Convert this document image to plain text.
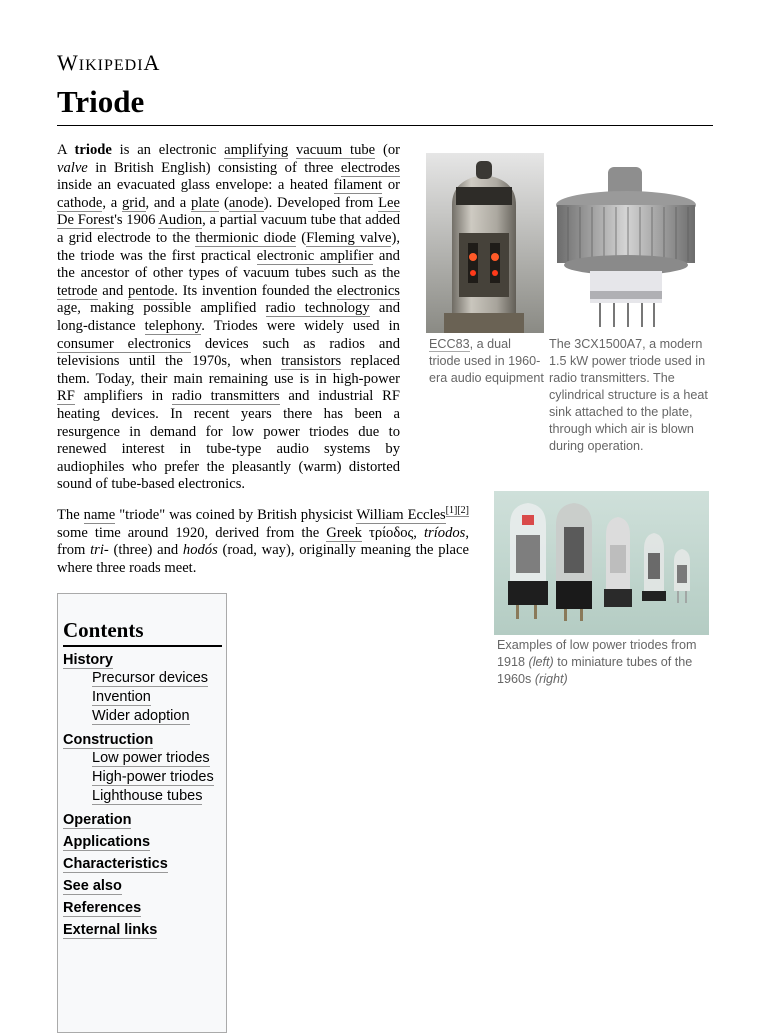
WIKIPEDIA
Triode
A triode is an electronic amplifying vacuum tube (or valve in British English) consisting of three electrodes inside an evacuated glass envelope: a heated filament or cathode, a grid, and a plate (anode). Developed from Lee De Forest's 1906 Audion, a partial vacuum tube that added a grid electrode to the thermionic diode (Fleming valve), the triode was the first practical electronic amplifier and the ancestor of other types of vacuum tubes such as the tetrode and pentode. Its invention founded the electronics age, making possible amplified radio technology and long-distance telephony. Triodes were widely used in consumer electronics devices such as radios and televisions until the 1970s, when transistors replaced them. Today, their main remaining use is in high-power RF amplifiers in radio transmitters and industrial RF heating devices. In recent years there has been a resurgence in demand for low power triodes due to renewed interest in tube-type audio systems by audiophiles who prefer the pleasantly (warm) distorted sound of tube-based electronics.
The name "triode" was coined by British physicist William Eccles[1][2] some time around 1920, derived from the Greek τρίοδος, tríodos, from tri- (three) and hodós (road, way), originally meaning the place where three roads meet.
ECC83, a dual triode used in 1960-era audio equipment
The 3CX1500A7, a modern 1.5 kW power triode used in radio transmitters. The cylindrical structure is a heat sink attached to the plate, through which air is blown during operation.
Examples of low power triodes from 1918 (left) to miniature tubes of the 1960s (right)
Contents
History
Precursor devices
Invention
Wider adoption
Construction
Low power triodes
High-power triodes
Lighthouse tubes
Operation
Applications
Characteristics
See also
References
External links
